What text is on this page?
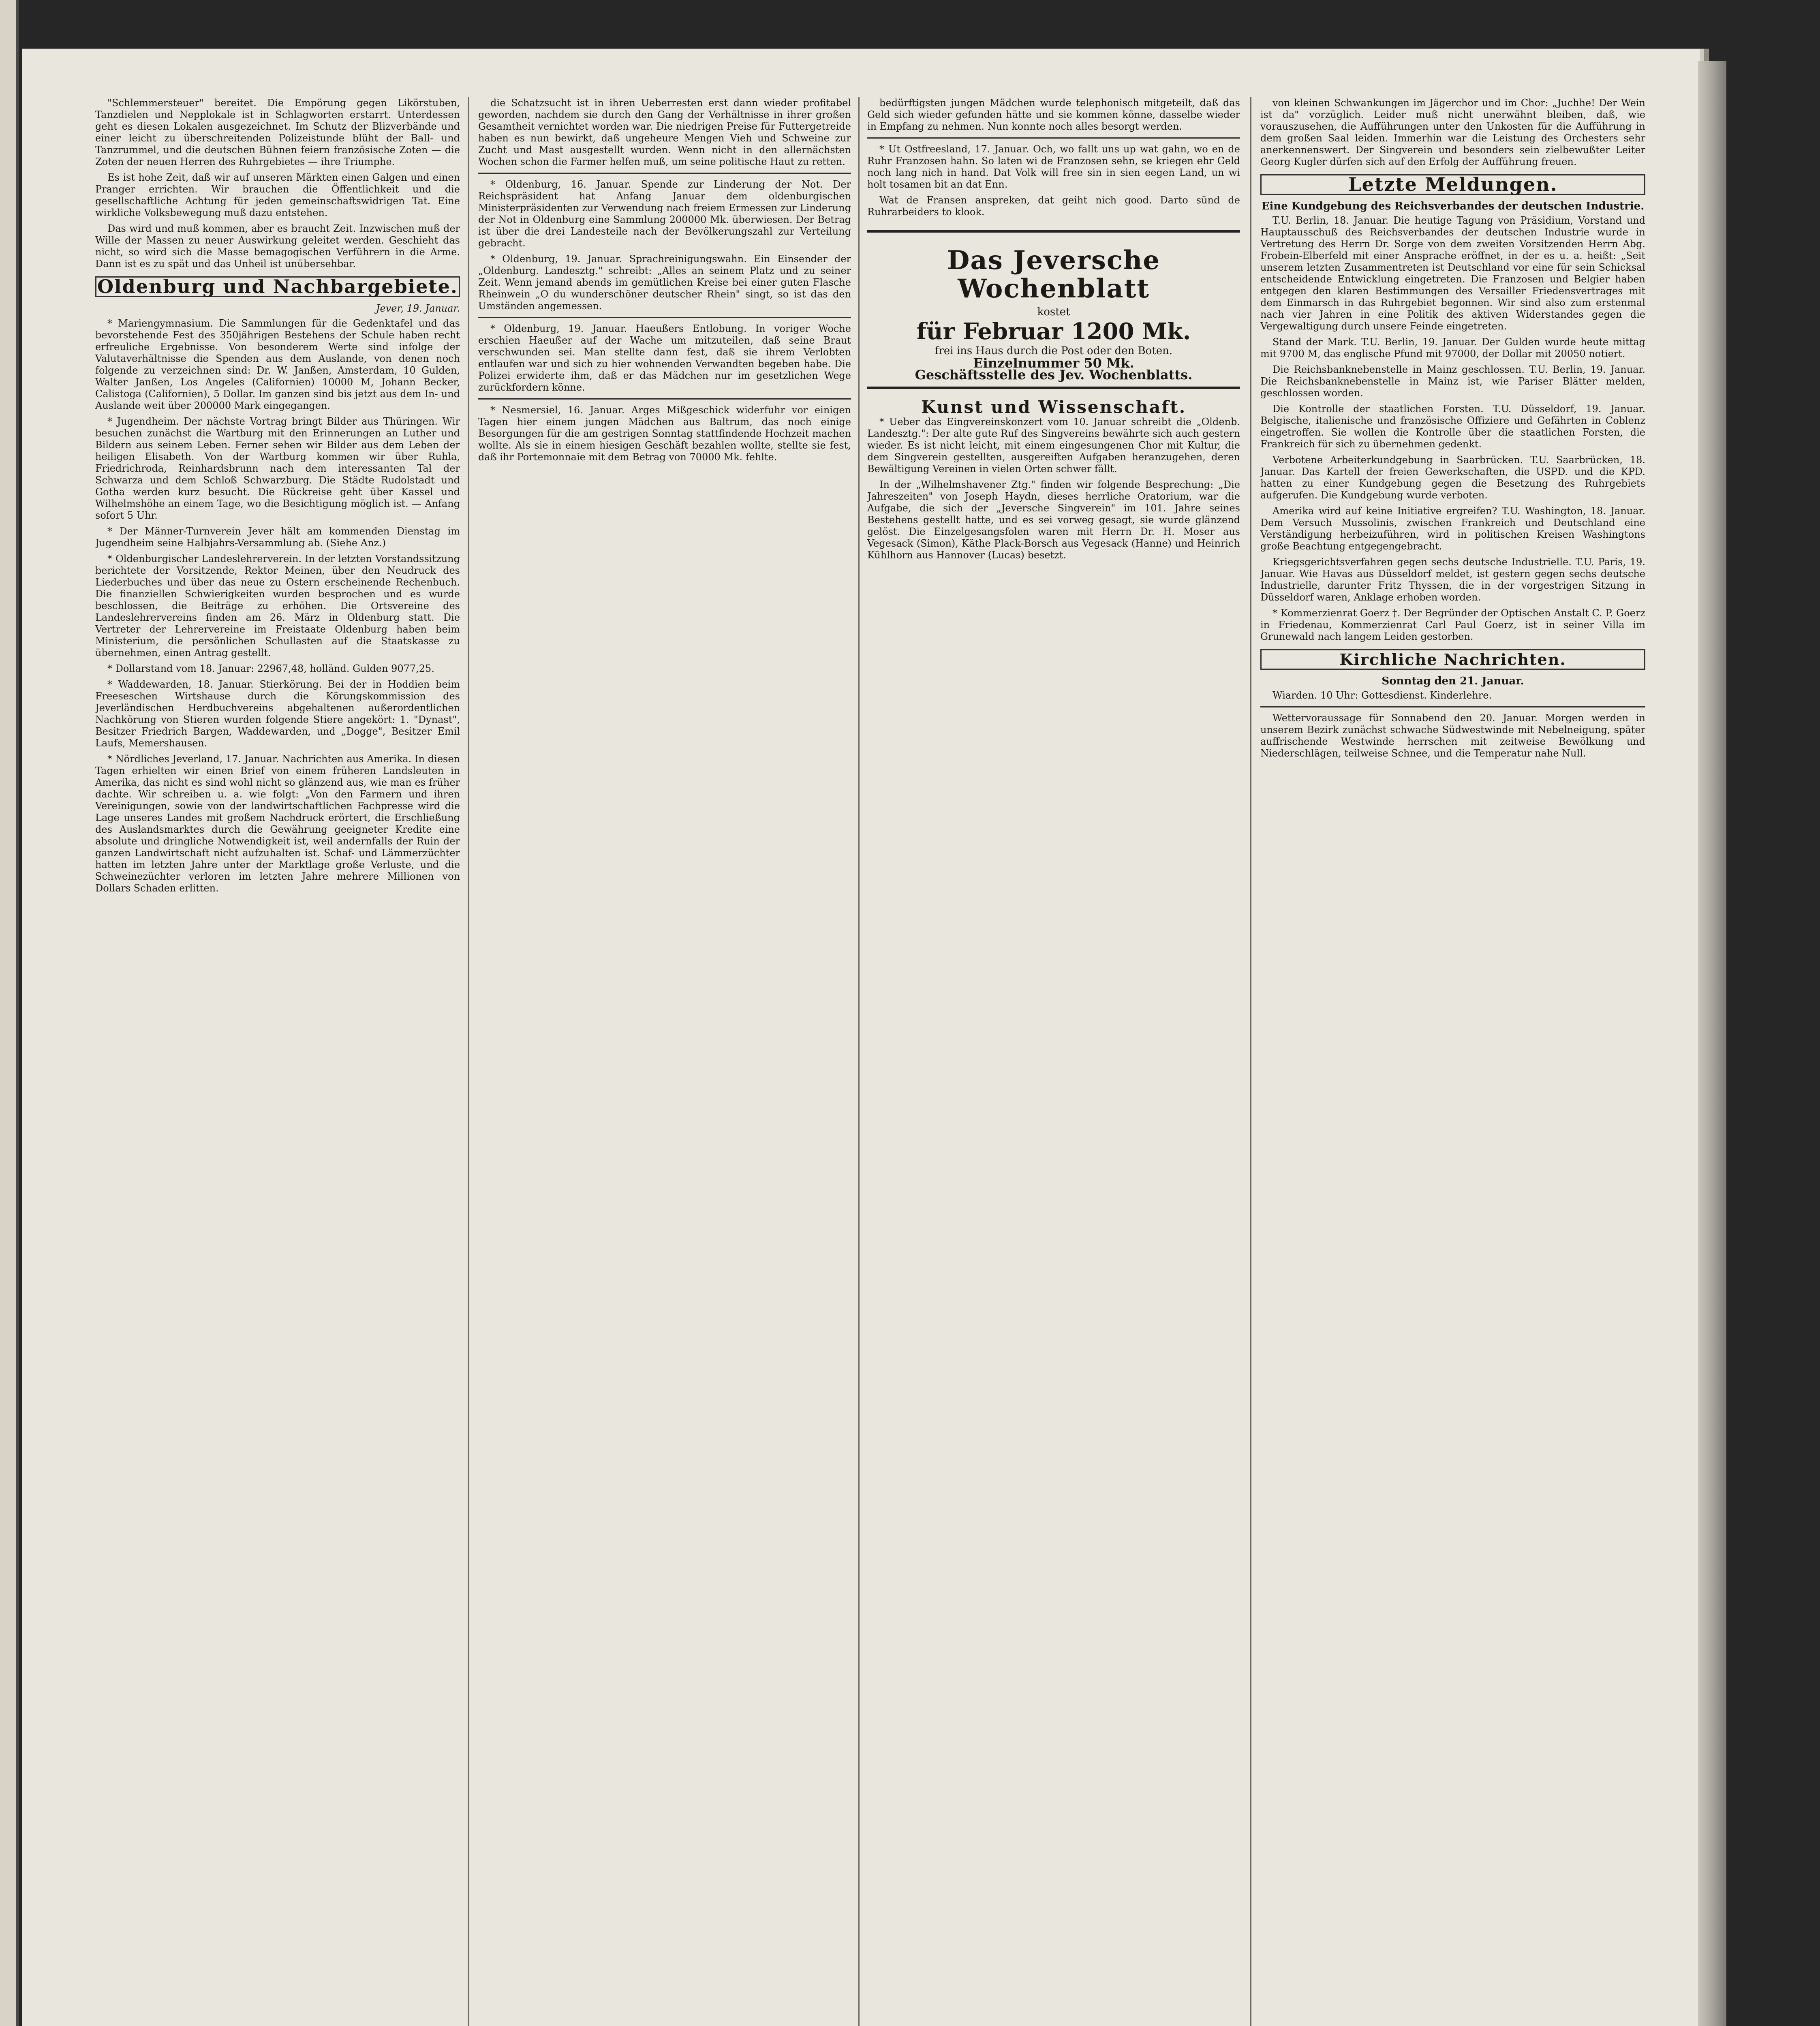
"Schlemmersteuer" bereitet. Die Empörung gegen Likörstuben, Tanzdielen und Nepplokale ist in Schlagworten erstarrt. Unterdessen geht es diesen Lokalen ausgezeichnet. Im Schutz der Blizverbände und einer leicht zu überschreitenden Polizeistunde blüht der Ball- und Tanzrummel, und die deutschen Bühnen feiern französische Zoten — die Zoten der neuen Herren des Ruhrgebietes — ihre Triumphe.

Es ist hohe Zeit, daß wir auf unseren Märkten einen Galgen und einen Pranger errichten. Wir brauchen die Öffentlichkeit und die gesellschaftliche Achtung für jeden gemeinschaftswidrigen Tat. Eine wirkliche Volksbewegung muß dazu entstehen.

Das wird und muß kommen, aber es braucht Zeit. Inzwischen muß der Wille der Massen zu neuer Auswirkung geleitet werden. Geschieht das nicht, so wird sich die Masse bemagogischen Verführern in die Arme. Dann ist es zu spät und das Unheil ist unübersehbar.

Oldenburg und Nachbargebiete.
Jever, 19. Januar.

* Mariengymnasium. Die Sammlungen für die Gedenktafel und das bevorstehende Fest des 350jährigen Bestehens der Schule haben recht erfreuliche Ergebnisse. Von besonderem Werte sind infolge der Valutaverhältnisse die Spenden aus dem Auslande, von denen noch folgende zu verzeichnen sind: Dr. W. Janßen, Amsterdam, 10 Gulden, Walter Janßen, Los Angeles (Californien) 10000 M, Johann Becker, Calistoga (Californien), 5 Dollar. Im ganzen sind bis jetzt aus dem In- und Auslande weit über 200000 Mark eingegangen.

* Jugendheim. Der nächste Vortrag bringt Bilder aus Thüringen. Wir besuchen zunächst die Wartburg mit den Erinnerungen an Luther und Bildern aus seinem Leben. Ferner sehen wir Bilder aus dem Leben der heiligen Elisabeth. Von der Wartburg kommen wir über Ruhla, Friedrichroda, Reinhardsbrunn nach dem interessanten Tal der Schwarza und dem Schloß Schwarzburg. Die Städte Rudolstadt und Gotha werden kurz besucht. Die Rückreise geht über Kassel und Wilhelmshöhe an einem Tage, wo die Besichtigung möglich ist. — Anfang sofort 5 Uhr.

* Der Männer-Turnverein Jever hält am kommenden Dienstag im Jugendheim seine Halbjahrs-Versammlung ab. (Siehe Anz.)

* Oldenburgischer Landeslehrerverein. In der letzten Vorstandssitzung berichtete der Vorsitzende, Rektor Meinen, über den Neudruck des Liederbuches und über das neue zu Ostern erscheinende Rechenbuch. Die finanziellen Schwierigkeiten wurden besprochen und es wurde beschlossen, die Beiträge zu erhöhen. Die Ortsvereine des Landeslehrervereins finden am 26. März in Oldenburg statt. Die Vertreter der Lehrervereine im Freistaate Oldenburg haben beim Ministerium, die persönlichen Schullasten auf die Staatskasse zu übernehmen, einen Antrag gestellt.

* Dollarstand vom 18. Januar: 22967,48, holländ. Gulden 9077,25.

* Waddewarden, 18. Januar. Stierkörung. Bei der in Hoddien beim Freeseschen Wirtshause durch die Körungskommission des Jeverländischen Herdbuchvereins abgehaltenen außerordentlichen Nachkörung von Stieren wurden folgende Stiere angekört: 1. "Dynast", Besitzer Friedrich Bargen, Waddewarden, und „Dogge", Besitzer Emil Laufs, Memershausen.

* Nördliches Jeverland, 17. Januar. Nachrichten aus Amerika. In diesen Tagen erhielten wir einen Brief von einem früheren Landsleuten in Amerika, das nicht es sind wohl nicht so glänzend aus, wie man es früher dachte. Wir schreiben u. a. wie folgt: „Von den Farmern und ihren Vereinigungen, sowie von der landwirtschaftlichen Fachpresse wird die Lage unseres Landes mit großem Nachdruck erörtert, die Erschließung des Auslandsmarktes durch die Gewährung geeigneter Kredite eine absolute und dringliche Notwendigkeit ist, weil andernfalls der Ruin der ganzen Landwirtschaft nicht aufzuhalten ist. Schaf- und Lämmerzüchter hatten im letzten Jahre unter der Marktlage große Verluste, und die Schweinezüchter verloren im letzten Jahre mehrere Millionen von Dollars Schaden erlitten.

die Schatzsucht ist in ihren Ueberresten erst dann wieder profitabel geworden, nachdem sie durch den Gang der Verhältnisse in ihrer großen Gesamtheit vernichtet worden war. Die niedrigen Preise für Futtergetreide haben es nun bewirkt, daß ungeheure Mengen Vieh und Schweine zur Zucht und Mast ausgestellt wurden. Wenn nicht in den allernächsten Wochen schon die Farmer helfen muß, um seine politische Haut zu retten.

* Oldenburg, 16. Januar. Spende zur Linderung der Not. Der Reichspräsident hat Anfang Januar dem oldenburgischen Ministerpräsidenten zur Verwendung nach freiem Ermessen zur Linderung der Not in Oldenburg eine Sammlung 200000 Mk. überwiesen. Der Betrag ist über die drei Landesteile nach der Bevölkerungszahl zur Verteilung gebracht.

* Oldenburg, 19. Januar. Sprachreinigungswahn. Ein Einsender der „Oldenburg. Landesztg." schreibt: „Alles an seinem Platz und zu seiner Zeit. Wenn jemand abends im gemütlichen Kreise bei einer guten Flasche Rheinwein „O du wunderschöner deutscher Rhein" singt, so ist das den Umständen angemessen.

* Oldenburg, 19. Januar. Haeußers Entlobung. In voriger Woche erschien Haeußer auf der Wache um mitzuteilen, daß seine Braut verschwunden sei. Man stellte dann fest, daß sie ihrem Verlobten entlaufen war und sich zu hier wohnenden Verwandten begeben habe. Die Polizei erwiderte ihm, daß er das Mädchen nur im gesetzlichen Wege zurückfordern könne.

* Nesmersiel, 16. Januar. Arges Mißgeschick widerfuhr vor einigen Tagen hier einem jungen Mädchen aus Baltrum, das noch einige Besorgungen für die am gestrigen Sonntag stattfindende Hochzeit machen wollte. Als sie in einem hiesigen Geschäft bezahlen wollte, stellte sie fest, daß ihr Portemonnaie mit dem Betrag von 70000 Mk. fehlte.

bedürftigsten jungen Mädchen wurde telephonisch mitgeteilt, daß das Geld sich wieder gefunden hätte und sie kommen könne, dasselbe wieder in Empfang zu nehmen. Nun konnte noch alles besorgt werden.

* Ut Ostfreesland, 17. Januar. Och, wo fallt uns up wat gahn, wo en de Ruhr Franzosen hahn. So laten wi de Franzosen sehn, se kriegen ehr Geld noch lang nich in hand. Dat Volk will free sin in sien eegen Land, un wi holt tosamen bit an dat Enn.

Wat de Fransen anspreken, dat geiht nich good. Darto sünd de Ruhrarbeiders to klook.

Das Jeversche Wochenblatt
kostet
für Februar 1200 Mk.
frei ins Haus durch die Post oder den Boten.
Einzelnummer 50 Mk.
Geschäftsstelle des Jev. Wochenblatts.
Kunst und Wissenschaft.

* Ueber das Eingvereinskonzert vom 10. Januar schreibt die „Oldenb. Landesztg.": Der alte gute Ruf des Singvereins bewährte sich auch gestern wieder. Es ist nicht leicht, mit einem eingesungenen Chor mit Kultur, die dem Singverein gestellten, ausgereiften Aufgaben heranzugehen, deren Bewältigung Vereinen in vielen Orten schwer fällt.

In der „Wilhelmshavener Ztg." finden wir folgende Besprechung: „Die Jahreszeiten" von Joseph Haydn, dieses herrliche Oratorium, war die Aufgabe, die sich der „Jeversche Singverein" im 101. Jahre seines Bestehens gestellt hatte, und es sei vorweg gesagt, sie wurde glänzend gelöst. Die Einzelgesangsfolen waren mit Herrn Dr. H. Moser aus Vegesack (Simon), Käthe Plack-Borsch aus Vegesack (Hanne) und Heinrich Kühlhorn aus Hannover (Lucas) besetzt.

von kleinen Schwankungen im Jägerchor und im Chor: „Juchhe! Der Wein ist da" vorzüglich. Leider muß nicht unerwähnt bleiben, daß, wie vorauszusehen, die Aufführungen unter den Unkosten für die Aufführung in dem großen Saal leiden. Immerhin war die Leistung des Orchesters sehr anerkennenswert. Der Singverein und besonders sein zielbewußter Leiter Georg Kugler dürfen sich auf den Erfolg der Aufführung freuen.

Letzte Meldungen.
Eine Kundgebung des Reichsverbandes der deutschen Industrie.

T.U. Berlin, 18. Januar. Die heutige Tagung von Präsidium, Vorstand und Hauptausschuß des Reichsverbandes der deutschen Industrie wurde in Vertretung des Herrn Dr. Sorge von dem zweiten Vorsitzenden Herrn Abg. Frobein-Elberfeld mit einer Ansprache eröffnet, in der es u. a. heißt: „Seit unserem letzten Zusammentreten ist Deutschland vor eine für sein Schicksal entscheidende Entwicklung eingetreten. Die Franzosen und Belgier haben entgegen den klaren Bestimmungen des Versailler Friedensvertrages mit dem Einmarsch in das Ruhrgebiet begonnen. Wir sind also zum erstenmal nach vier Jahren in eine Politik des aktiven Widerstandes gegen die Vergewaltigung durch unsere Feinde eingetreten.

Stand der Mark. T.U. Berlin, 19. Januar. Der Gulden wurde heute mittag mit 9700 M, das englische Pfund mit 97000, der Dollar mit 20050 notiert.

Die Reichsbanknebenstelle in Mainz geschlossen. T.U. Berlin, 19. Januar. Die Reichsbanknebenstelle in Mainz ist, wie Pariser Blätter melden, geschlossen worden.

Die Kontrolle der staatlichen Forsten. T.U. Düsseldorf, 19. Januar. Belgische, italienische und französische Offiziere und Gefährten in Coblenz eingetroffen. Sie wollen die Kontrolle über die staatlichen Forsten, die Frankreich für sich zu übernehmen gedenkt.

Verbotene Arbeiterkundgebung in Saarbrücken. T.U. Saarbrücken, 18. Januar. Das Kartell der freien Gewerkschaften, die USPD. und die KPD. hatten zu einer Kundgebung gegen die Besetzung des Ruhrgebiets aufgerufen. Die Kundgebung wurde verboten.

Amerika wird auf keine Initiative ergreifen? T.U. Washington, 18. Januar. Dem Versuch Mussolinis, zwischen Frankreich und Deutschland eine Verständigung herbeizuführen, wird in politischen Kreisen Washingtons große Beachtung entgegengebracht.

Kriegsgerichtsverfahren gegen sechs deutsche Industrielle. T.U. Paris, 19. Januar. Wie Havas aus Düsseldorf meldet, ist gestern gegen sechs deutsche Industrielle, darunter Fritz Thyssen, die in der vorgestrigen Sitzung in Düsseldorf waren, Anklage erhoben worden.

* Kommerzienrat Goerz †. Der Begründer der Optischen Anstalt C. P. Goerz in Friedenau, Kommerzienrat Carl Paul Goerz, ist in seiner Villa im Grunewald nach langem Leiden gestorben.

Kirchliche Nachrichten.
Sonntag den 21. Januar.

Wiarden. 10 Uhr: Gottesdienst. Kinderlehre.

Wettervoraussage für Sonnabend den 20. Januar. Morgen werden in unserem Bezirk zunächst schwache Südwestwinde mit Nebelneigung, später auffrischende Westwinde herrschen mit zeitweise Bewölkung und Niederschlägen, teilweise Schnee, und die Temperatur nahe Null.
